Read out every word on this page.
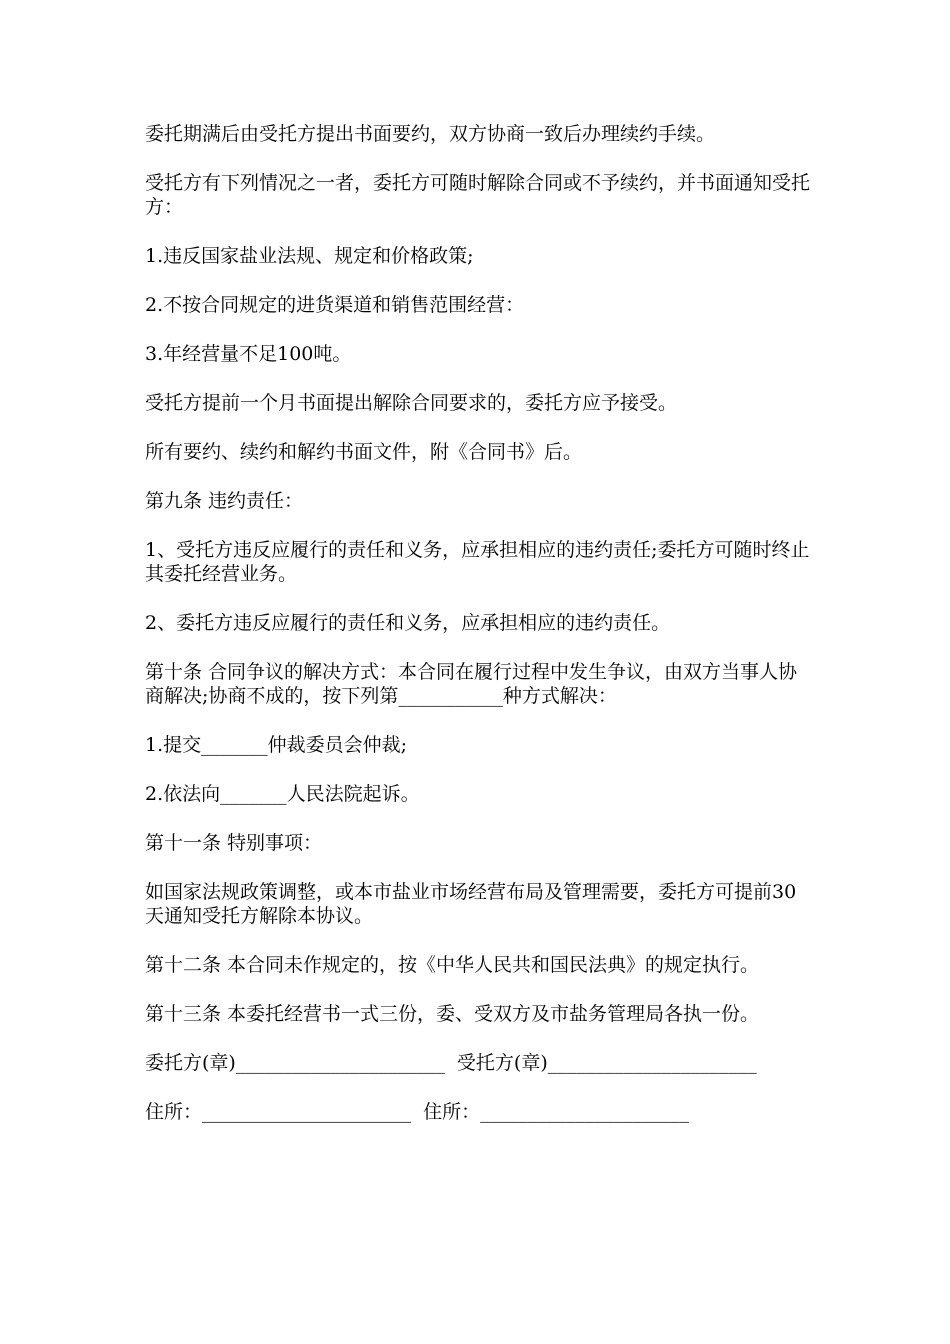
委托期满后由受托方提出书面要约，双方协商一致后办理续约手续。

受托方有下列情况之一者，委托方可随时解除合同或不予续约，并书面通知受托方：

1.违反国家盐业法规、规定和价格政策;

2.不按合同规定的进货渠道和销售范围经营：

3.年经营量不足100吨。

受托方提前一个月书面提出解除合同要求的，委托方应予接受。

所有要约、续约和解约书面文件，附《合同书》后。

第九条 违约责任：

1、受托方违反应履行的责任和义务，应承担相应的违约责任;委托方可随时终止其委托经营业务。

2、委托方违反应履行的责任和义务，应承担相应的违约责任。

第十条 合同争议的解决方式：本合同在履行过程中发生争议，由双方当事人协商解决;协商不成的，按下列第___________种方式解决：

1.提交_______仲裁委员会仲裁;

2.依法向_______人民法院起诉。

第十一条 特别事项：

如国家法规政策调整，或本市盐业市场经营布局及管理需要，委托方可提前30天通知受托方解除本协议。

第十二条 本合同未作规定的，按《中华人民共和国民法典》的规定执行。

第十三条 本委托经营书一式三份，委、受双方及市盐务管理局各执一份。

委托方(章)______________________  受托方(章)______________________

住所：______________________  住所：______________________
